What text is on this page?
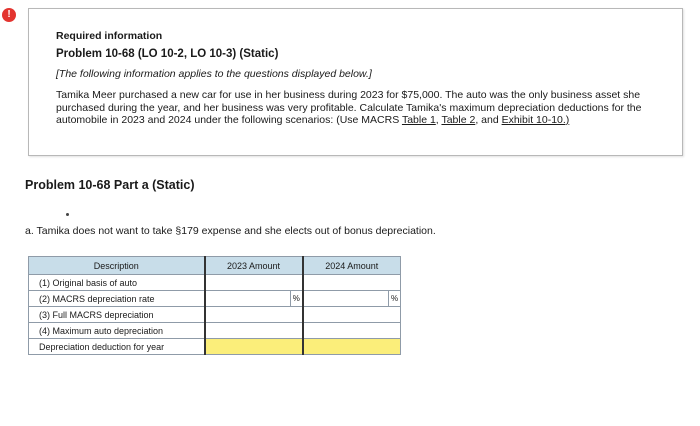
!
Required information
Problem 10-68 (LO 10-2, LO 10-3) (Static)
[The following information applies to the questions displayed below.]
Tamika Meer purchased a new car for use in her business during 2023 for $75,000. The auto was the only business asset she purchased during the year, and her business was very profitable. Calculate Tamika's maximum depreciation deductions for the automobile in 2023 and 2024 under the following scenarios: (Use MACRS Table 1, Table 2, and Exhibit 10-10.)
Problem 10-68 Part a (Static)
a. Tamika does not want to take §179 expense and she elects out of bonus depreciation.
Description	2023 Amount		2024 Amount	
(1) Original basis of auto				
(2) MACRS depreciation rate		%		%
(3) Full MACRS depreciation				
(4) Maximum auto depreciation				
Depreciation deduction for year				
